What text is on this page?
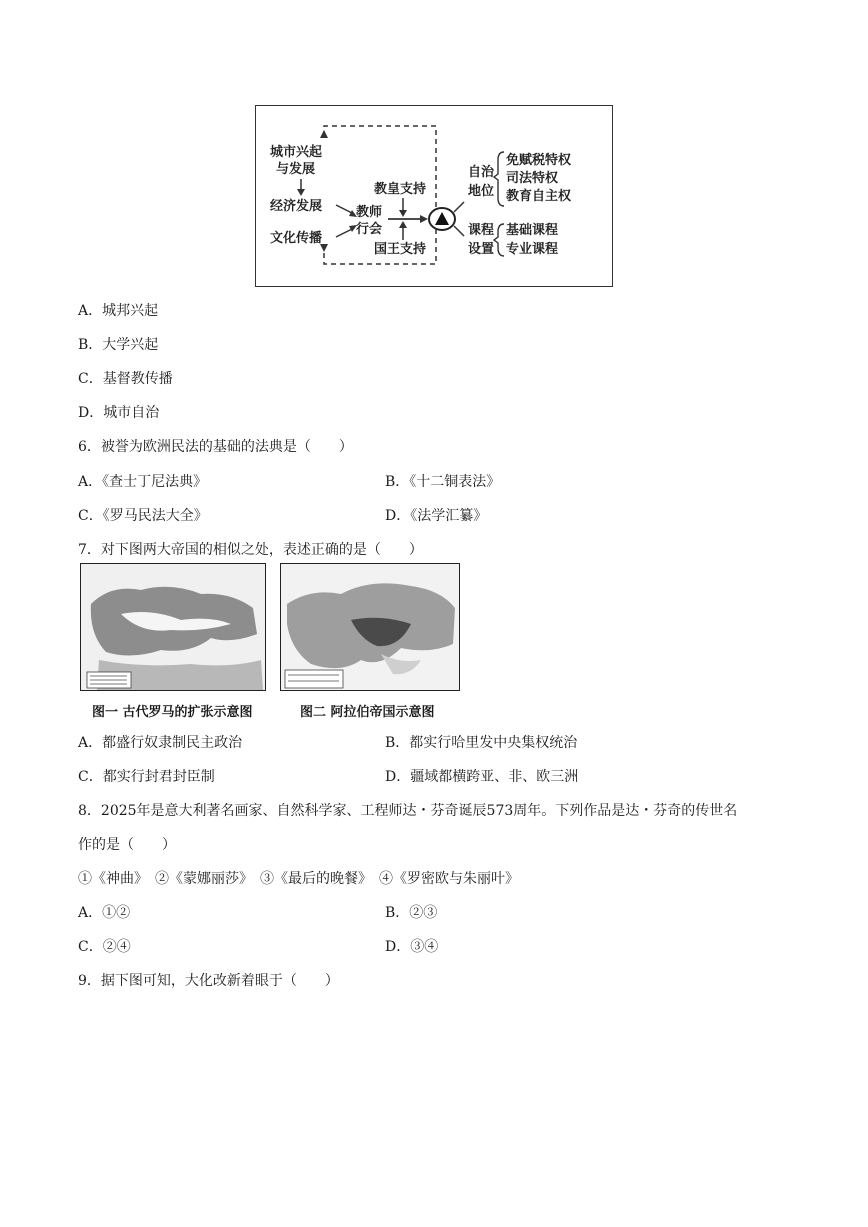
城市兴起
与发展
经济发展
文化传播
教师
行会
教皇支持
国王支持
自治
地位
免赋税特权
司法特权
教育自主权
课程
设置
基础课程
专业课程
A．城邦兴起
B．大学兴起
C．基督教传播
D．城市自治
6．被誉为欧洲民法的基础的法典是（　　）
A．《查士丁尼法典》	B．《十二铜表法》
C．《罗马民法大全》	D．《法学汇纂》
7．对下图两大帝国的相似之处，表述正确的是（　　）
图一 古代罗马的扩张示意图	图二 阿拉伯帝国示意图
A．都盛行奴隶制民主政治	B．都实行哈里发中央集权统治
C．都实行封君封臣制	D．疆域都横跨亚、非、欧三洲
8．2025年是意大利著名画家、自然科学家、工程师达・芬奇诞辰573周年。下列作品是达・芬奇的传世名
作的是（　　）
①《神曲》　②《蒙娜丽莎》　③《最后的晚餐》　④《罗密欧与朱丽叶》
A．①②	B．②③
C．②④	D．③④
9．据下图可知，大化改新着眼于（　　）
